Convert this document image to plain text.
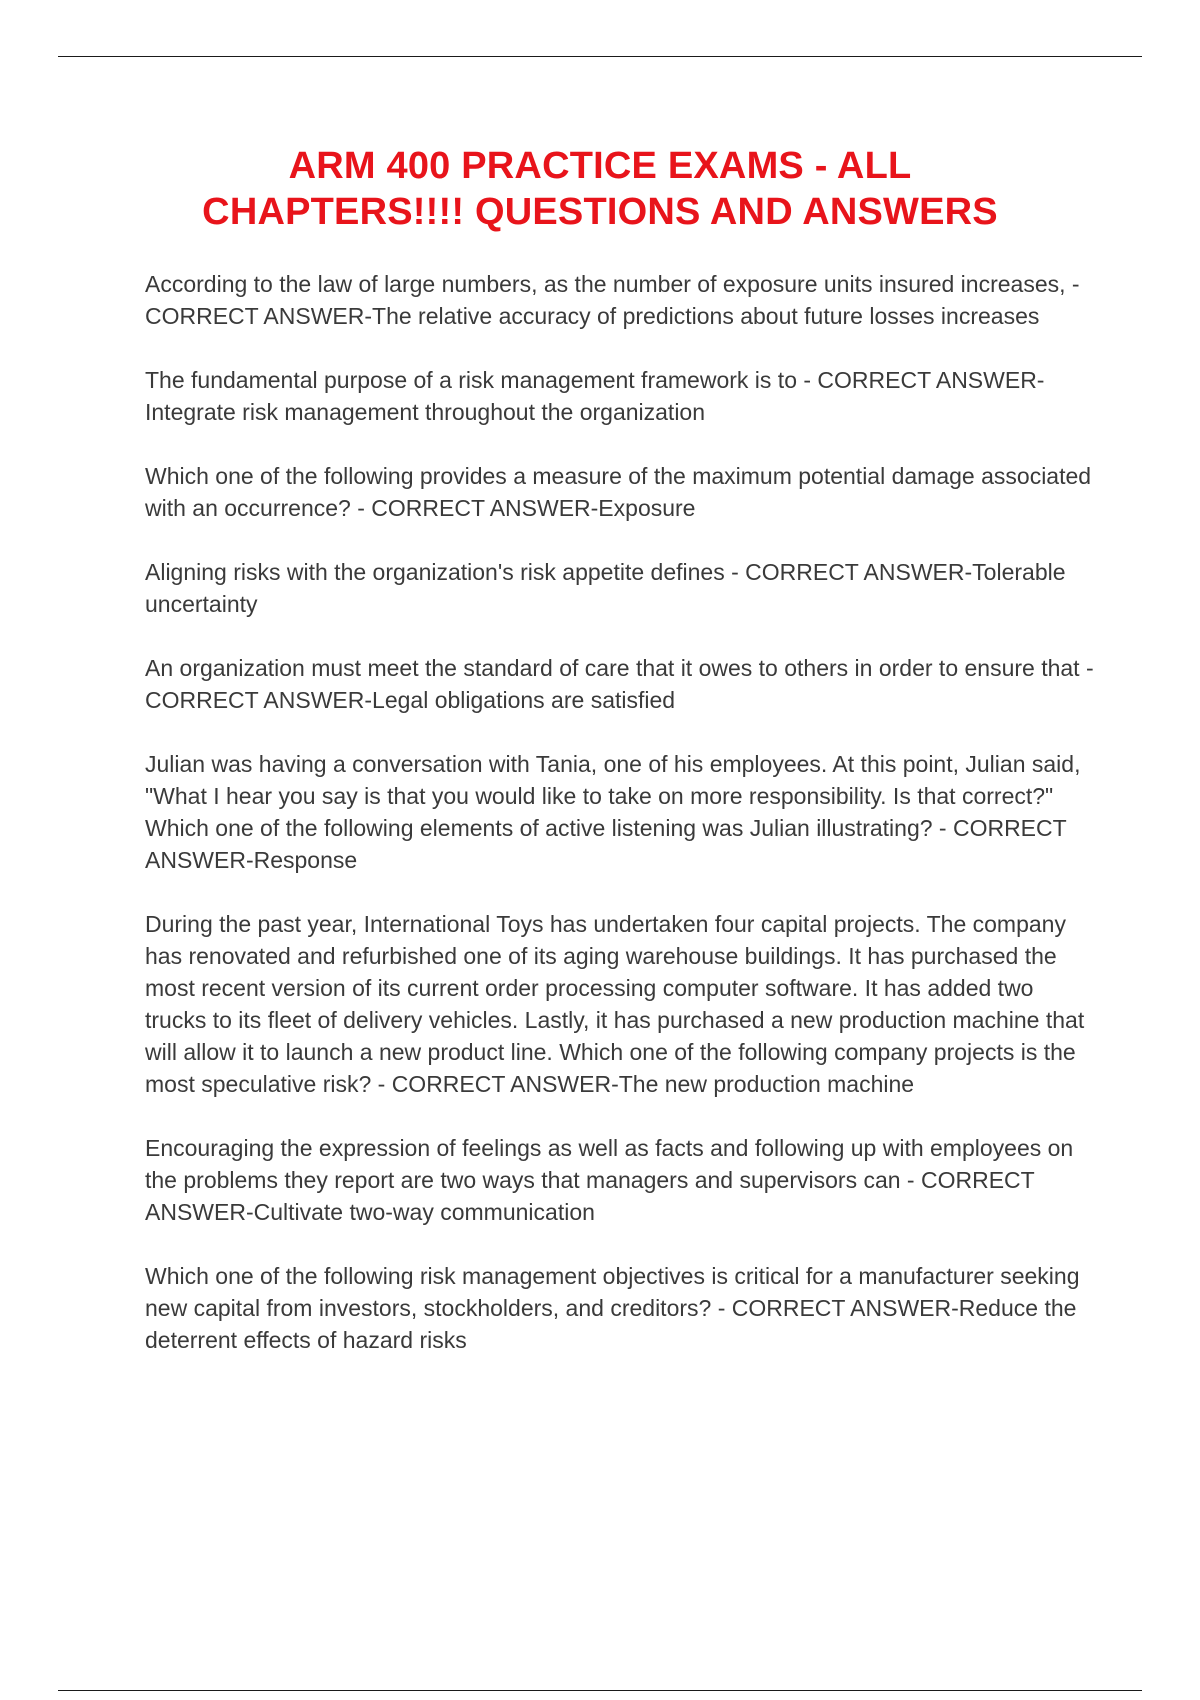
ARM 400 PRACTICE EXAMS - ALL
CHAPTERS!!!! QUESTIONS AND ANSWERS

According to the law of large numbers, as the number of exposure units insured increases, - CORRECT ANSWER-The relative accuracy of predictions about future losses increases

The fundamental purpose of a risk management framework is to - CORRECT ANSWER-Integrate risk management throughout the organization

Which one of the following provides a measure of the maximum potential damage associated with an occurrence? - CORRECT ANSWER-Exposure

Aligning risks with the organization's risk appetite defines - CORRECT ANSWER-Tolerable uncertainty

An organization must meet the standard of care that it owes to others in order to ensure that - CORRECT ANSWER-Legal obligations are satisfied

Julian was having a conversation with Tania, one of his employees. At this point, Julian said, "What I hear you say is that you would like to take on more responsibility. Is that correct?" Which one of the following elements of active listening was Julian illustrating? - CORRECT ANSWER-Response

During the past year, International Toys has undertaken four capital projects. The company has renovated and refurbished one of its aging warehouse buildings. It has purchased the most recent version of its current order processing computer software. It has added two trucks to its fleet of delivery vehicles. Lastly, it has purchased a new production machine that will allow it to launch a new product line. Which one of the following company projects is the most speculative risk? - CORRECT ANSWER-The new production machine

Encouraging the expression of feelings as well as facts and following up with employees on the problems they report are two ways that managers and supervisors can - CORRECT ANSWER-Cultivate two-way communication

Which one of the following risk management objectives is critical for a manufacturer seeking new capital from investors, stockholders, and creditors? - CORRECT ANSWER-Reduce the deterrent effects of hazard risks
